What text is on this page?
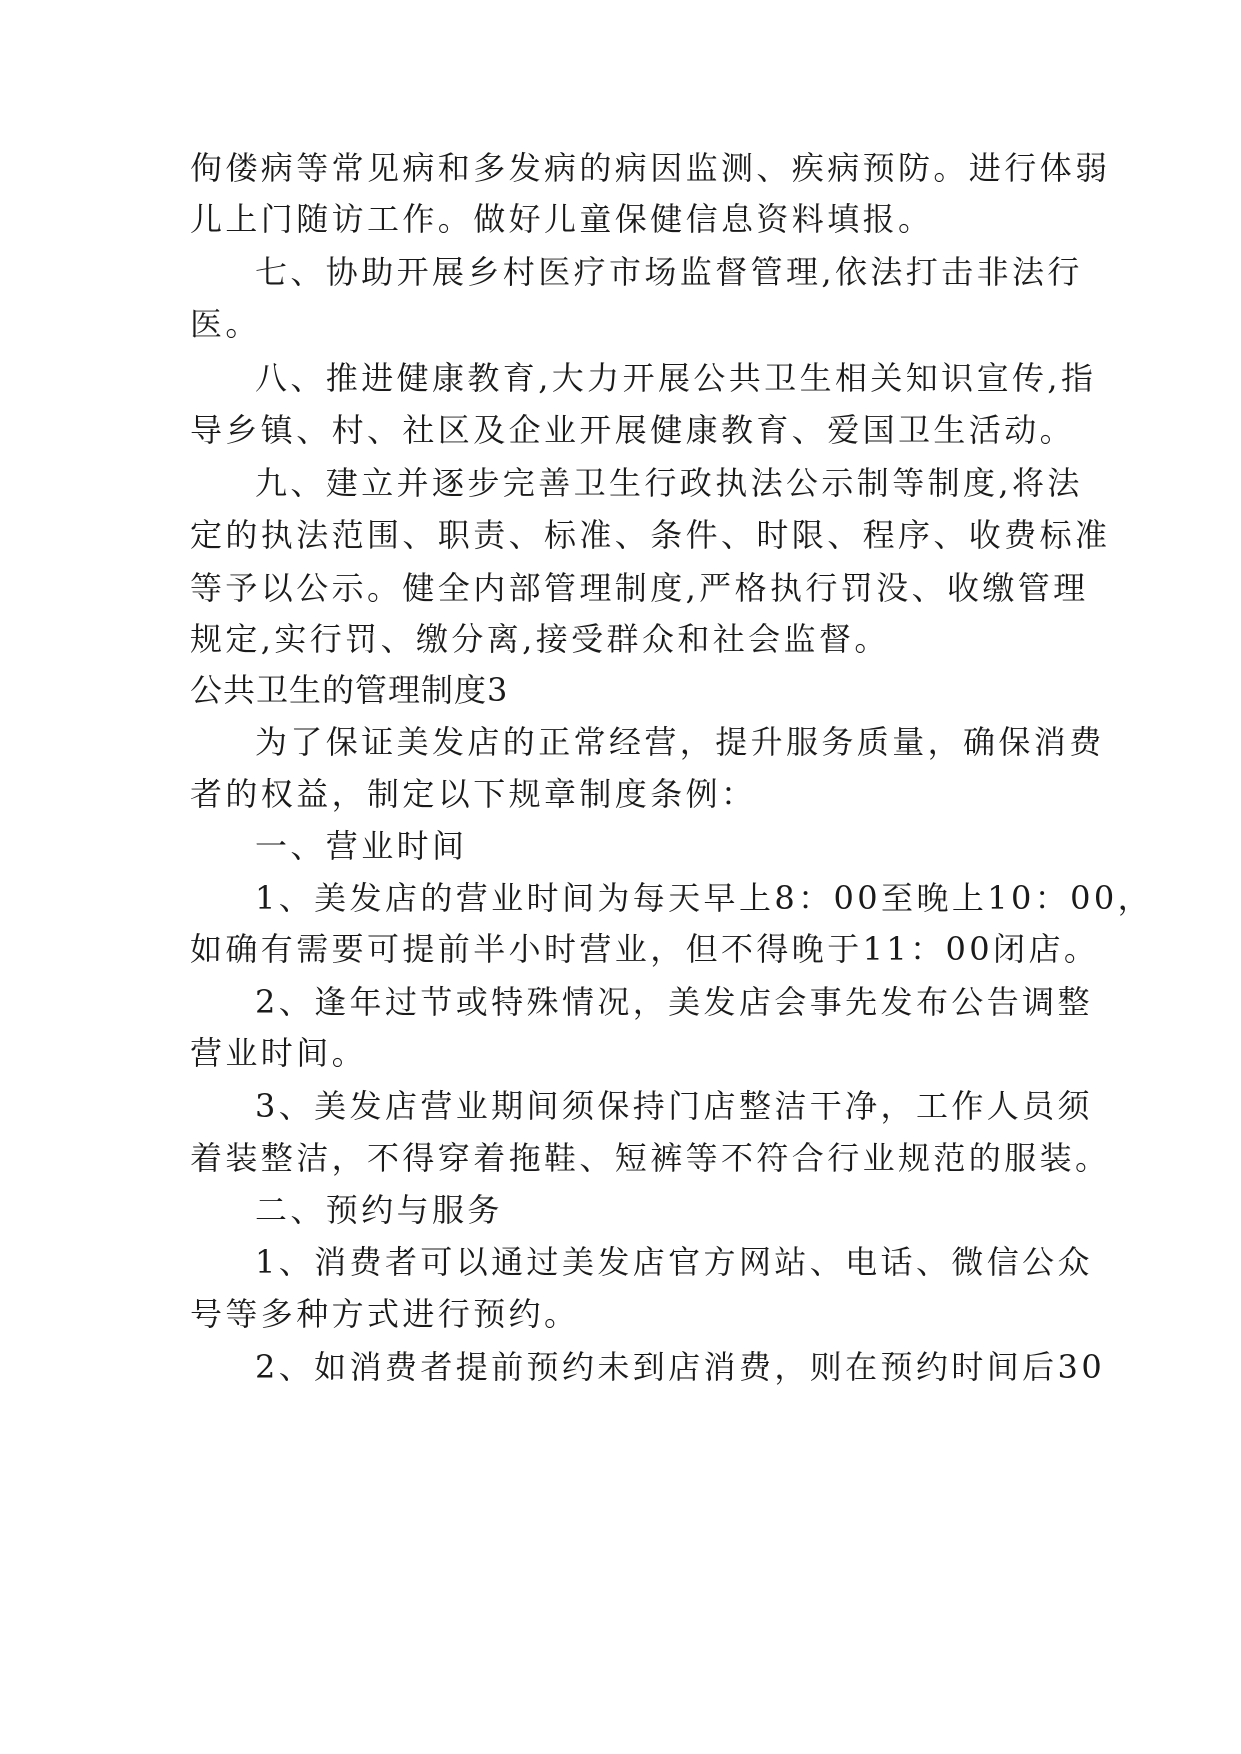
佝偻病等常见病和多发病的病因监测、疾病预防。进行体弱
儿上门随访工作。做好儿童保健信息资料填报。
七、协助开展乡村医疗市场监督管理,依法打击非法行
医。
八、推进健康教育,大力开展公共卫生相关知识宣传,指
导乡镇、村、社区及企业开展健康教育、爱国卫生活动。
九、建立并逐步完善卫生行政执法公示制等制度,将法
定的执法范围、职责、标准、条件、时限、程序、收费标准
等予以公示。健全内部管理制度,严格执行罚没、收缴管理
规定,实行罚、缴分离,接受群众和社会监督。
公共卫生的管理制度3
为了保证美发店的正常经营，提升服务质量，确保消费
者的权益，制定以下规章制度条例：
一、营业时间
1、美发店的营业时间为每天早上8：00至晚上10：00，
如确有需要可提前半小时营业，但不得晚于11：00闭店。
2、逢年过节或特殊情况，美发店会事先发布公告调整
营业时间。
3、美发店营业期间须保持门店整洁干净，工作人员须
着装整洁，不得穿着拖鞋、短裤等不符合行业规范的服装。
二、预约与服务
1、消费者可以通过美发店官方网站、电话、微信公众
号等多种方式进行预约。
2、如消费者提前预约未到店消费，则在预约时间后30
